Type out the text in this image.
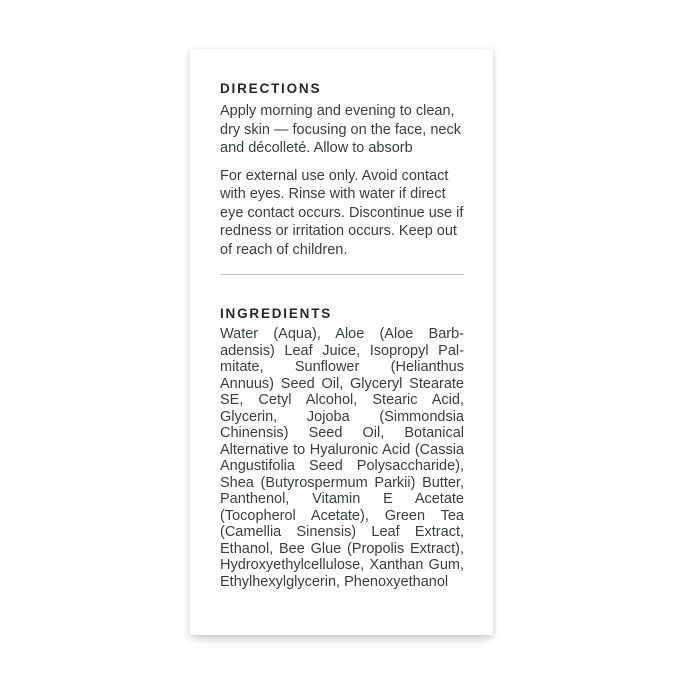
DIRECTIONS

Apply morning and evening to clean, dry skin — focusing on the face, neck and décolleté. Allow to absorb

For external use only. Avoid contact with eyes. Rinse with water if direct eye contact occurs. Discontinue use if redness or irritation occurs. Keep out of reach of children.

INGREDIENTS

Water (Aqua), Aloe (Aloe Barbadensis) Leaf Juice, Isopropyl Palmitate, Sunflower (Helianthus Annuus) Seed Oil, Glyceryl Stearate SE, Cetyl Alcohol, Stearic Acid, Glycerin, Jojoba (Simmondsia Chinensis) Seed Oil, Botanical Alternative to Hyaluronic Acid (Cassia Angustifolia Seed Polysaccharide), Shea (Butyrospermum Parkii) Butter, Panthenol, Vitamin E Acetate (Tocopherol Acetate), Green Tea (Camellia Sinensis) Leaf Extract, Ethanol, Bee Glue (Propolis Extract), Hydroxyethylcellulose, Xanthan Gum, Ethylhexylglycerin, Phenoxyethanol
